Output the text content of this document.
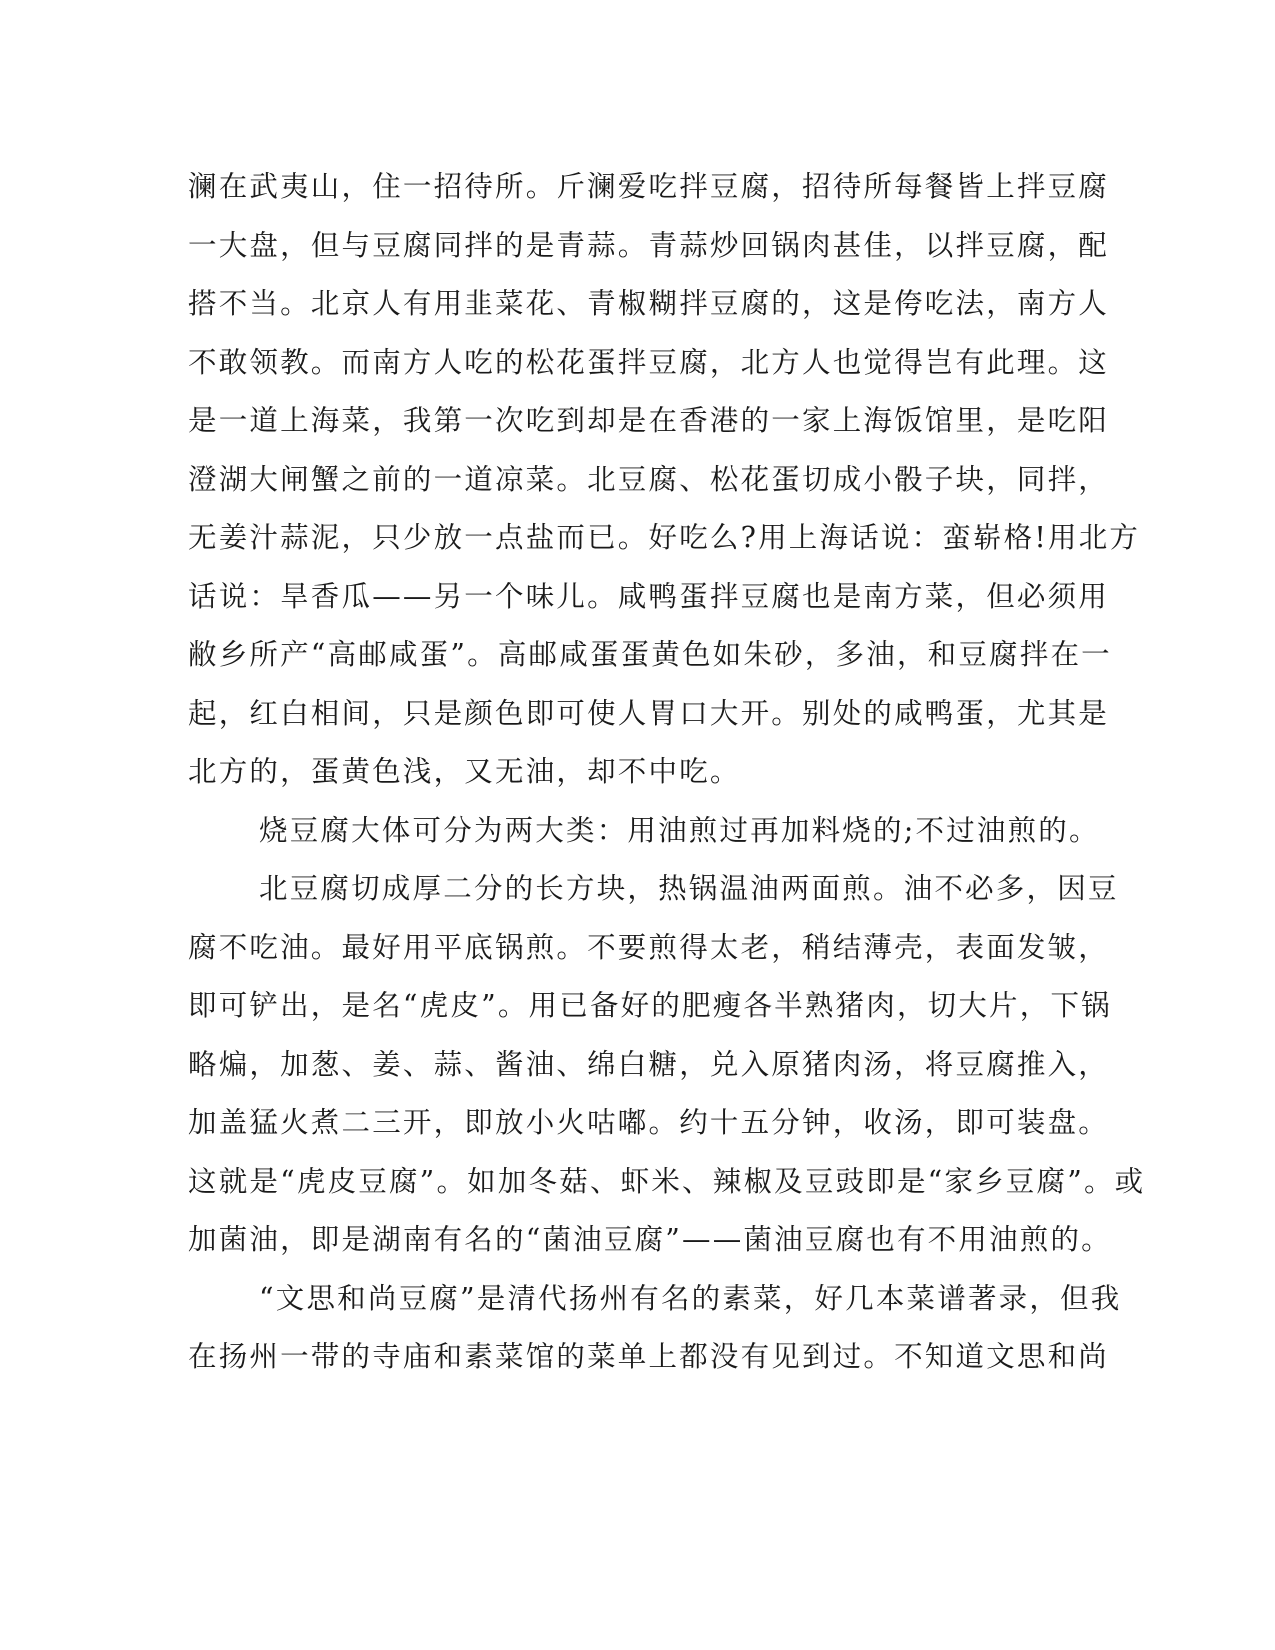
澜在武夷山，住一招待所。斤澜爱吃拌豆腐，招待所每餐皆上拌豆腐
一大盘，但与豆腐同拌的是青蒜。青蒜炒回锅肉甚佳，以拌豆腐，配
搭不当。北京人有用韭菜花、青椒糊拌豆腐的，这是侉吃法，南方人
不敢领教。而南方人吃的松花蛋拌豆腐，北方人也觉得岂有此理。这
是一道上海菜，我第一次吃到却是在香港的一家上海饭馆里，是吃阳
澄湖大闸蟹之前的一道凉菜。北豆腐、松花蛋切成小骰子块，同拌，
无姜汁蒜泥，只少放一点盐而已。好吃么?用上海话说：蛮崭格!用北方
话说：旱香瓜——另一个味儿。咸鸭蛋拌豆腐也是南方菜，但必须用
敝乡所产“高邮咸蛋”。高邮咸蛋蛋黄色如朱砂，多油，和豆腐拌在一
起，红白相间，只是颜色即可使人胃口大开。别处的咸鸭蛋，尤其是
北方的，蛋黄色浅，又无油，却不中吃。
烧豆腐大体可分为两大类：用油煎过再加料烧的;不过油煎的。
北豆腐切成厚二分的长方块，热锅温油两面煎。油不必多，因豆
腐不吃油。最好用平底锅煎。不要煎得太老，稍结薄壳，表面发皱，
即可铲出，是名“虎皮”。用已备好的肥瘦各半熟猪肉，切大片，下锅
略煸，加葱、姜、蒜、酱油、绵白糖，兑入原猪肉汤，将豆腐推入，
加盖猛火煮二三开，即放小火咕嘟。约十五分钟，收汤，即可装盘。
这就是“虎皮豆腐”。如加冬菇、虾米、辣椒及豆豉即是“家乡豆腐”。或
加菌油，即是湖南有名的“菌油豆腐”——菌油豆腐也有不用油煎的。
“文思和尚豆腐”是清代扬州有名的素菜，好几本菜谱著录，但我
在扬州一带的寺庙和素菜馆的菜单上都没有见到过。不知道文思和尚
